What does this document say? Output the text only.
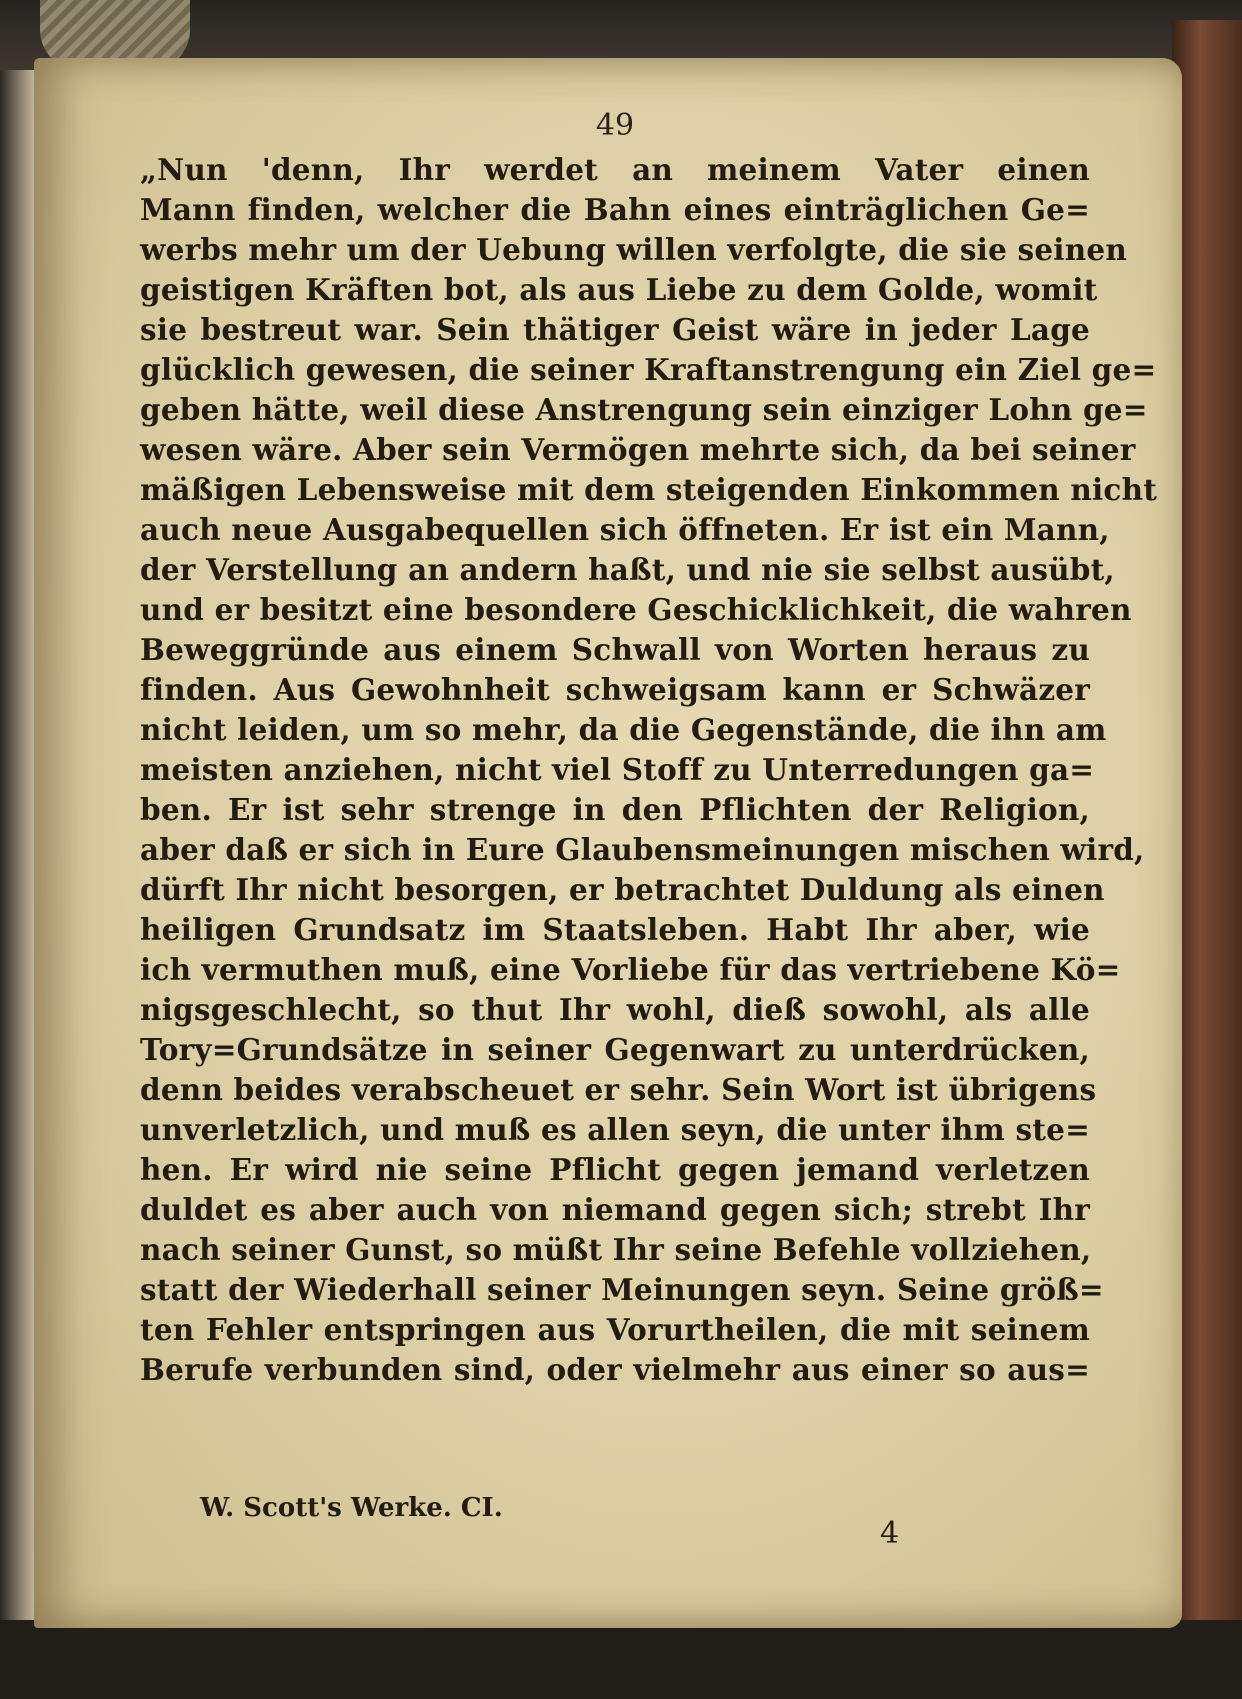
49
„Nun 'denn, Ihr werdet an meinem Vater einen
Mann finden, welcher die Bahn eines einträglichen Ge=
werbs mehr um der Uebung willen verfolgte, die sie seinen
geistigen Kräften bot, als aus Liebe zu dem Golde, womit
sie bestreut war. Sein thätiger Geist wäre in jeder Lage
glücklich gewesen, die seiner Kraftanstrengung ein Ziel ge=
geben hätte, weil diese Anstrengung sein einziger Lohn ge=
wesen wäre. Aber sein Vermögen mehrte sich, da bei seiner
mäßigen Lebensweise mit dem steigenden Einkommen nicht
auch neue Ausgabequellen sich öffneten. Er ist ein Mann,
der Verstellung an andern haßt, und nie sie selbst ausübt,
und er besitzt eine besondere Geschicklichkeit, die wahren
Beweggründe aus einem Schwall von Worten heraus zu
finden. Aus Gewohnheit schweigsam kann er Schwäzer
nicht leiden, um so mehr, da die Gegenstände, die ihn am
meisten anziehen, nicht viel Stoff zu Unterredungen ga=
ben. Er ist sehr strenge in den Pflichten der Religion,
aber daß er sich in Eure Glaubensmeinungen mischen wird,
dürft Ihr nicht besorgen, er betrachtet Duldung als einen
heiligen Grundsatz im Staatsleben. Habt Ihr aber, wie
ich vermuthen muß, eine Vorliebe für das vertriebene Kö=
nigsgeschlecht, so thut Ihr wohl, dieß sowohl, als alle
Tory=Grundsätze in seiner Gegenwart zu unterdrücken,
denn beides verabscheuet er sehr. Sein Wort ist übrigens
unverletzlich, und muß es allen seyn, die unter ihm ste=
hen. Er wird nie seine Pflicht gegen jemand verletzen
duldet es aber auch von niemand gegen sich; strebt Ihr
nach seiner Gunst, so müßt Ihr seine Befehle vollziehen,
statt der Wiederhall seiner Meinungen seyn. Seine größ=
ten Fehler entspringen aus Vorurtheilen, die mit seinem
Berufe verbunden sind, oder vielmehr aus einer so aus=
W. Scott's Werke. CI.
4
